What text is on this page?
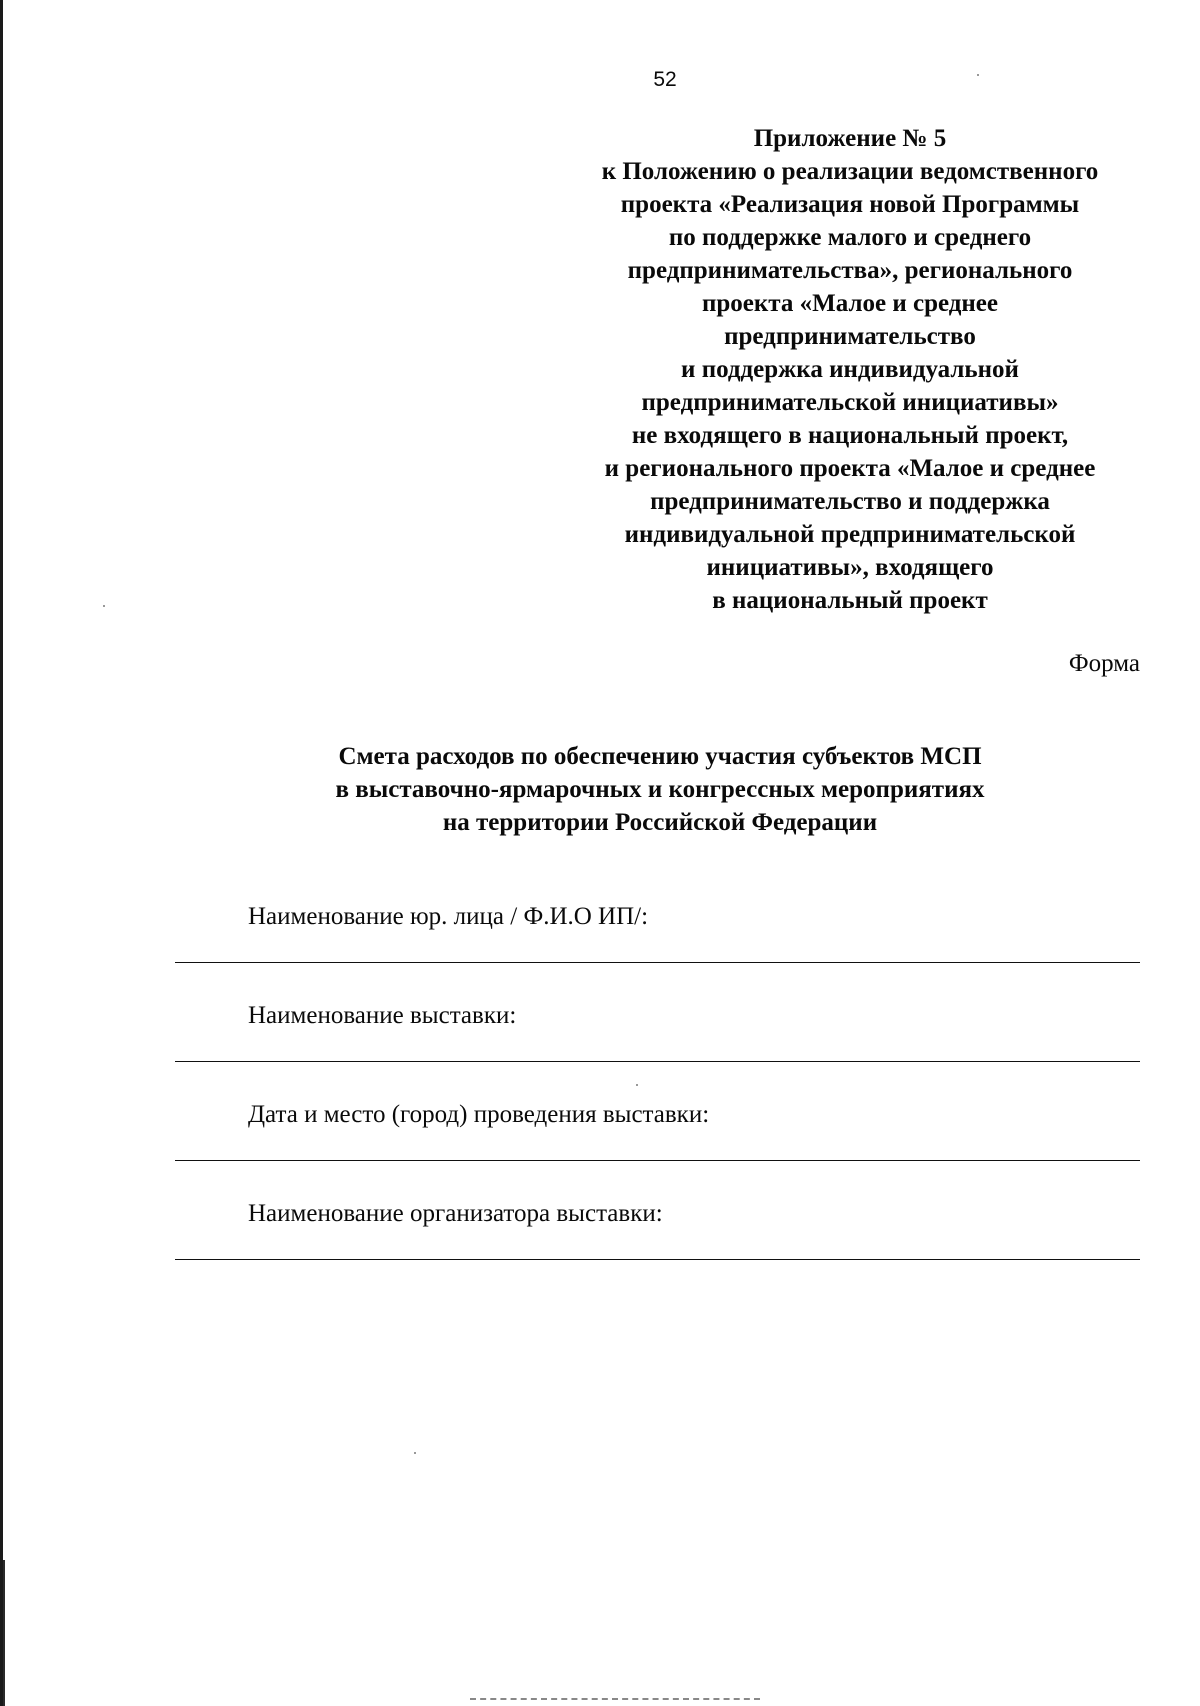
52
Приложение № 5
к Положению о реализации ведомственного
проекта «Реализация новой Программы
по поддержке малого и среднего
предпринимательства», регионального
проекта «Малое и среднее
предпринимательство
и поддержка индивидуальной
предпринимательской инициативы»
не входящего в национальный проект,
и регионального проекта «Малое и среднее
предпринимательство и поддержка
индивидуальной предпринимательской
инициативы», входящего
в национальный проект
Форма
Смета расходов по обеспечению участия субъектов МСП
в выставочно-ярмарочных и конгрессных мероприятиях
на территории Российской Федерации
Наименование юр. лица / Ф.И.О ИП/:
Наименование выставки:
Дата и место (город) проведения выставки:
Наименование организатора выставки:
